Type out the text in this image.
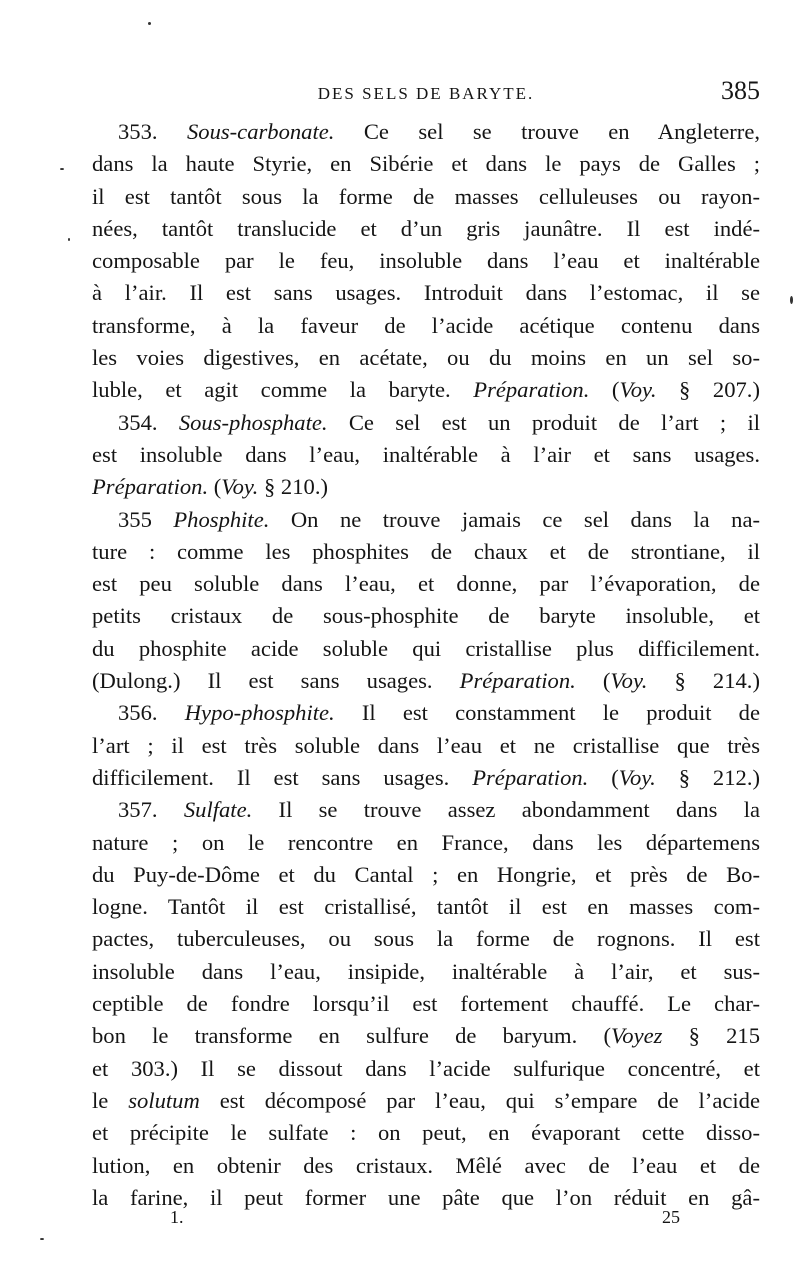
DES SELS DE BARYTE.	385
353. Sous-carbonate. Ce sel se trouve en Angleterre,
dans la haute Styrie, en Sibérie et dans le pays de Galles ;
il est tantôt sous la forme de masses celluleuses ou rayon-
nées, tantôt translucide et d’un gris jaunâtre. Il est indé-
composable par le feu, insoluble dans l’eau et inaltérable
à l’air. Il est sans usages. Introduit dans l’estomac, il se
transforme, à la faveur de l’acide acétique contenu dans
les voies digestives, en acétate, ou du moins en un sel so-
luble, et agit comme la baryte. Préparation. (Voy. § 207.)
354. Sous-phosphate. Ce sel est un produit de l’art ; il
est insoluble dans l’eau, inaltérable à l’air et sans usages.
Préparation. (Voy. § 210.)
355 Phosphite. On ne trouve jamais ce sel dans la na-
ture : comme les phosphites de chaux et de strontiane, il
est peu soluble dans l’eau, et donne, par l’évaporation, de
petits cristaux de sous-phosphite de baryte insoluble, et
du phosphite acide soluble qui cristallise plus difficilement.
(Dulong.) Il est sans usages. Préparation. (Voy. § 214.)
356. Hypo-phosphite. Il est constamment le produit de
l’art ; il est très soluble dans l’eau et ne cristallise que très
difficilement. Il est sans usages. Préparation. (Voy. § 212.)
357. Sulfate. Il se trouve assez abondamment dans la
nature ; on le rencontre en France, dans les départemens
du Puy-de-Dôme et du Cantal ; en Hongrie, et près de Bo-
logne. Tantôt il est cristallisé, tantôt il est en masses com-
pactes, tuberculeuses, ou sous la forme de rognons. Il est
insoluble dans l’eau, insipide, inaltérable à l’air, et sus-
ceptible de fondre lorsqu’il est fortement chauffé. Le char-
bon le transforme en sulfure de baryum. (Voyez § 215
et 303.) Il se dissout dans l’acide sulfurique concentré, et
le solutum est décomposé par l’eau, qui s’empare de l’acide
et précipite le sulfate : on peut, en évaporant cette disso-
lution, en obtenir des cristaux. Mêlé avec de l’eau et de
la farine, il peut former une pâte que l’on réduit en gâ-
1.	25
